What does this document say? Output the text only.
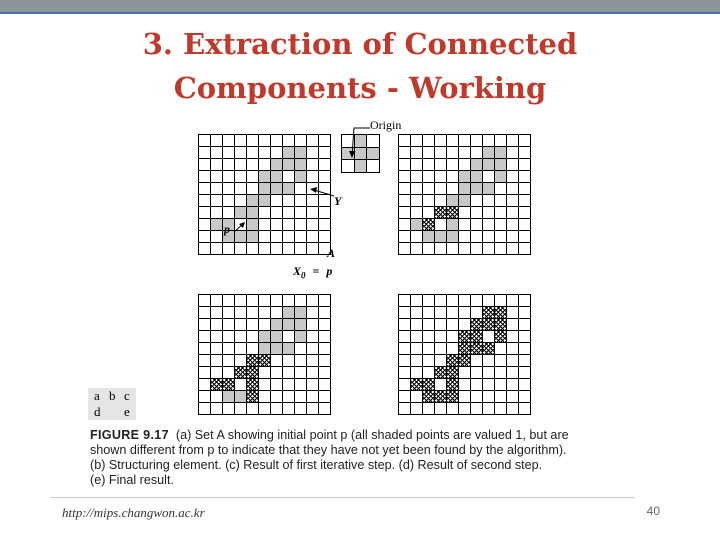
3. Extraction of Connected
Components - Working
Origin
Y
p
A
$X_0 = p$
a b c
d e
FIGURE 9.17 (a) Set A showing initial point p (all shaded points are valued 1, but are
shown different from p to indicate that they have not yet been found by the algorithm).
(b) Structuring element. (c) Result of first iterative step. (d) Result of second step.
(e) Final result.
http://mips.changwon.ac.kr	40
